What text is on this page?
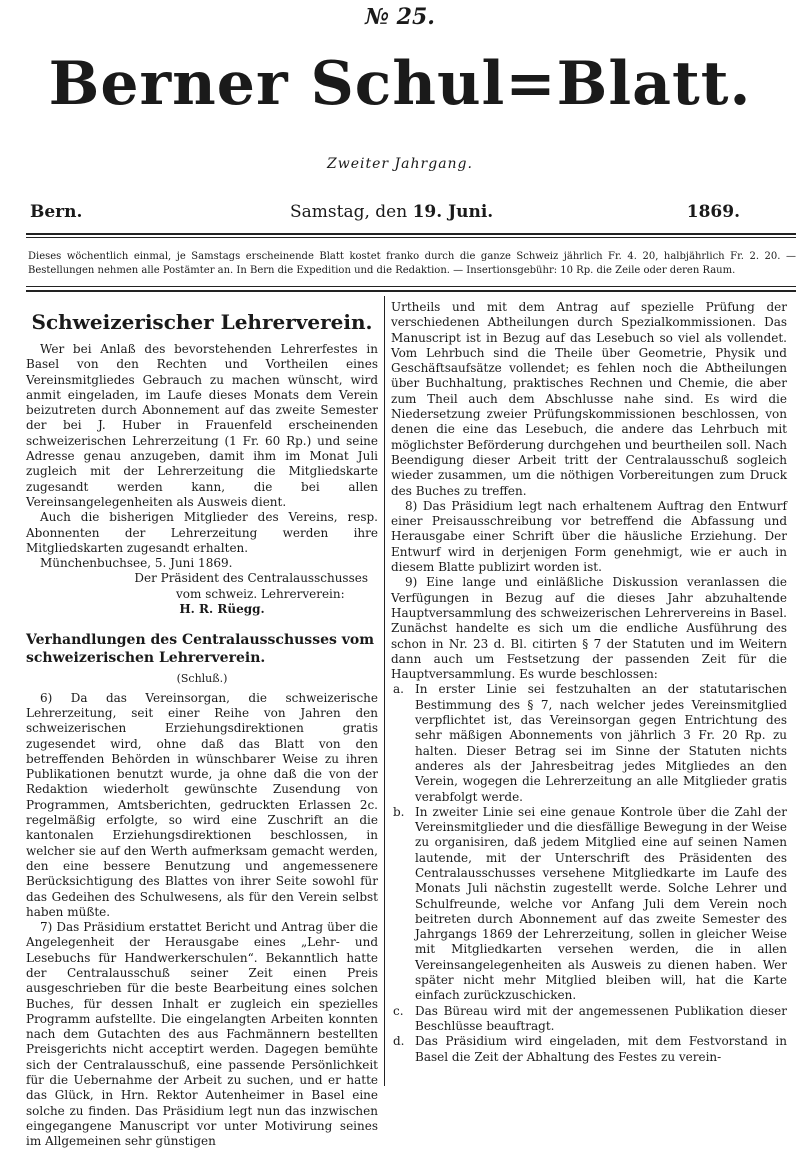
№ 25.
Berner Schul=Blatt.
Zweiter Jahrgang.
Bern.	Samstag, den 19. Juni.	1869.
Dieses wöchentlich einmal, je Samstags erscheinende Blatt kostet franko durch die ganze Schweiz jährlich Fr. 4. 20, halbjährlich Fr. 2. 20. — Bestellungen nehmen alle Postämter an. In Bern die Expedition und die Redaktion. — Insertionsgebühr: 10 Rp. die Zeile oder deren Raum.
Schweizerischer Lehrerverein.

Wer bei Anlaß des bevorstehenden Lehrerfestes in Basel von den Rechten und Vortheilen eines Vereinsmitgliedes Gebrauch zu machen wünscht, wird anmit eingeladen, im Laufe dieses Monats dem Verein beizutreten durch Abonnement auf das zweite Semester der bei J. Huber in Frauenfeld erscheinenden schweizerischen Lehrerzeitung (1 Fr. 60 Rp.) und seine Adresse genau anzugeben, damit ihm im Monat Juli zugleich mit der Lehrerzeitung die Mitgliedskarte zugesandt werden kann, die bei allen Vereinsangelegenheiten als Ausweis dient.

Auch die bisherigen Mitglieder des Vereins, resp. Abonnenten der Lehrerzeitung werden ihre Mitgliedskarten zugesandt erhalten.

Münchenbuchsee, 5. Juni 1869.

Der Präsident des Centralausschusses

vom schweiz. Lehrerverein:

H. R. Rüegg.

Verhandlungen des Centralausschusses vom schweizerischen Lehrerverein.
(Schluß.)

6) Da das Vereinsorgan, die schweizerische Lehrerzeitung, seit einer Reihe von Jahren den schweizerischen Erziehungsdirektionen gratis zugesendet wird, ohne daß das Blatt von den betreffenden Behörden in wünschbarer Weise zu ihren Publikationen benutzt wurde, ja ohne daß die von der Redaktion wiederholt gewünschte Zusendung von Programmen, Amtsberichten, gedruckten Erlassen 2c. regelmäßig erfolgte, so wird eine Zuschrift an die kantonalen Erziehungsdirektionen beschlossen, in welcher sie auf den Werth aufmerksam gemacht werden, den eine bessere Benutzung und angemessenere Berücksichtigung des Blattes von ihrer Seite sowohl für das Gedeihen des Schulwesens, als für den Verein selbst haben müßte.

7) Das Präsidium erstattet Bericht und Antrag über die Angelegenheit der Herausgabe eines „Lehr- und Lesebuchs für Handwerkerschulen“. Bekanntlich hatte der Centralausschuß seiner Zeit einen Preis ausgeschrieben für die beste Bearbeitung eines solchen Buches, für dessen Inhalt er zugleich ein spezielles Programm aufstellte. Die eingelangten Arbeiten konnten nach dem Gutachten des aus Fachmännern bestellten Preisgerichts nicht acceptirt werden. Dagegen bemühte sich der Centralausschuß, eine passende Persönlichkeit für die Uebernahme der Arbeit zu suchen, und er hatte das Glück, in Hrn. Rektor Autenheimer in Basel eine solche zu finden. Das Präsidium legt nun das inzwischen eingegangene Manuscript vor unter Motivirung seines im Allgemeinen sehr günstigen

Urtheils und mit dem Antrag auf spezielle Prüfung der verschiedenen Abtheilungen durch Spezialkommissionen. Das Manuscript ist in Bezug auf das Lesebuch so viel als vollendet. Vom Lehrbuch sind die Theile über Geometrie, Physik und Geschäftsaufsätze vollendet; es fehlen noch die Abtheilungen über Buchhaltung, praktisches Rechnen und Chemie, die aber zum Theil auch dem Abschlusse nahe sind. Es wird die Niedersetzung zweier Prüfungskommissionen beschlossen, von denen die eine das Lesebuch, die andere das Lehrbuch mit möglichster Beförderung durchgehen und beurtheilen soll. Nach Beendigung dieser Arbeit tritt der Centralausschuß sogleich wieder zusammen, um die nöthigen Vorbereitungen zum Druck des Buches zu treffen.

8) Das Präsidium legt nach erhaltenem Auftrag den Entwurf einer Preisausschreibung vor betreffend die Abfassung und Herausgabe einer Schrift über die häusliche Erziehung. Der Entwurf wird in derjenigen Form genehmigt, wie er auch in diesem Blatte publizirt worden ist.

9) Eine lange und einläßliche Diskussion veranlassen die Verfügungen in Bezug auf die dieses Jahr abzuhaltende Hauptversammlung des schweizerischen Lehrervereins in Basel. Zunächst handelte es sich um die endliche Ausführung des schon in Nr. 23 d. Bl. citirten § 7 der Statuten und im Weitern dann auch um Festsetzung der passenden Zeit für die Hauptversammlung. Es wurde beschlossen:

a. In erster Linie sei festzuhalten an der statutarischen Bestimmung des § 7, nach welcher jedes Vereinsmitglied verpflichtet ist, das Vereinsorgan gegen Entrichtung des sehr mäßigen Abonnements von jährlich 3 Fr. 20 Rp. zu halten. Dieser Betrag sei im Sinne der Statuten nichts anderes als der Jahresbeitrag jedes Mitgliedes an den Verein, wogegen die Lehrerzeitung an alle Mitglieder gratis verabfolgt werde.
b. In zweiter Linie sei eine genaue Kontrole über die Zahl der Vereinsmitglieder und die diesfällige Bewegung in der Weise zu organisiren, daß jedem Mitglied eine auf seinen Namen lautende, mit der Unterschrift des Präsidenten des Centralausschusses versehene Mitgliedkarte im Laufe des Monats Juli nächstin zugestellt werde. Solche Lehrer und Schulfreunde, welche vor Anfang Juli dem Verein noch beitreten durch Abonnement auf das zweite Semester des Jahrgangs 1869 der Lehrerzeitung, sollen in gleicher Weise mit Mitgliedkarten versehen werden, die in allen Vereinsangelegenheiten als Ausweis zu dienen haben. Wer später nicht mehr Mitglied bleiben will, hat die Karte einfach zurückzuschicken.
c. Das Büreau wird mit der angemessenen Publikation dieser Beschlüsse beauftragt.
d. Das Präsidium wird eingeladen, mit dem Festvorstand in Basel die Zeit der Abhaltung des Festes zu verein-
